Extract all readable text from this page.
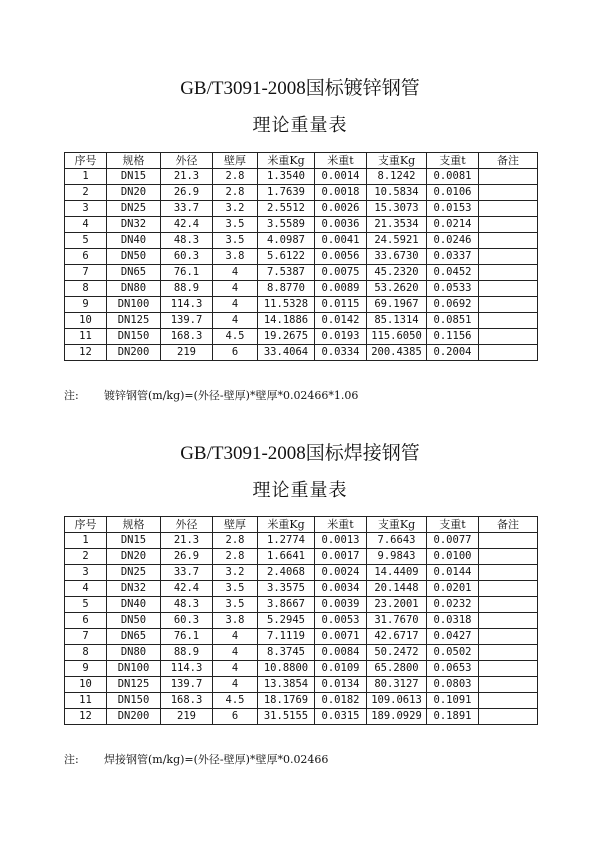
GB/T3091-2008国标镀锌钢管
理论重量表
序号	规格	外径	壁厚	米重Kg	米重t	支重Kg	支重t	备注
1	DN15	21.3	2.8	1.3540	0.0014	8.1242	0.0081	
2	DN20	26.9	2.8	1.7639	0.0018	10.5834	0.0106	
3	DN25	33.7	3.2	2.5512	0.0026	15.3073	0.0153	
4	DN32	42.4	3.5	3.5589	0.0036	21.3534	0.0214	
5	DN40	48.3	3.5	4.0987	0.0041	24.5921	0.0246	
6	DN50	60.3	3.8	5.6122	0.0056	33.6730	0.0337	
7	DN65	76.1	4	7.5387	0.0075	45.2320	0.0452	
8	DN80	88.9	4	8.8770	0.0089	53.2620	0.0533	
9	DN100	114.3	4	11.5328	0.0115	69.1967	0.0692	
10	DN125	139.7	4	14.1886	0.0142	85.1314	0.0851	
11	DN150	168.3	4.5	19.2675	0.0193	115.6050	0.1156	
12	DN200	219	6	33.4064	0.0334	200.4385	0.2004	
注: 镀锌钢管(m/kg)=(外径-壁厚)*壁厚*0.02466*1.06
GB/T3091-2008国标焊接钢管
理论重量表
序号	规格	外径	壁厚	米重Kg	米重t	支重Kg	支重t	备注
1	DN15	21.3	2.8	1.2774	0.0013	7.6643	0.0077	
2	DN20	26.9	2.8	1.6641	0.0017	9.9843	0.0100	
3	DN25	33.7	3.2	2.4068	0.0024	14.4409	0.0144	
4	DN32	42.4	3.5	3.3575	0.0034	20.1448	0.0201	
5	DN40	48.3	3.5	3.8667	0.0039	23.2001	0.0232	
6	DN50	60.3	3.8	5.2945	0.0053	31.7670	0.0318	
7	DN65	76.1	4	7.1119	0.0071	42.6717	0.0427	
8	DN80	88.9	4	8.3745	0.0084	50.2472	0.0502	
9	DN100	114.3	4	10.8800	0.0109	65.2800	0.0653	
10	DN125	139.7	4	13.3854	0.0134	80.3127	0.0803	
11	DN150	168.3	4.5	18.1769	0.0182	109.0613	0.1091	
12	DN200	219	6	31.5155	0.0315	189.0929	0.1891	
注: 焊接钢管(m/kg)=(外径-壁厚)*壁厚*0.02466
